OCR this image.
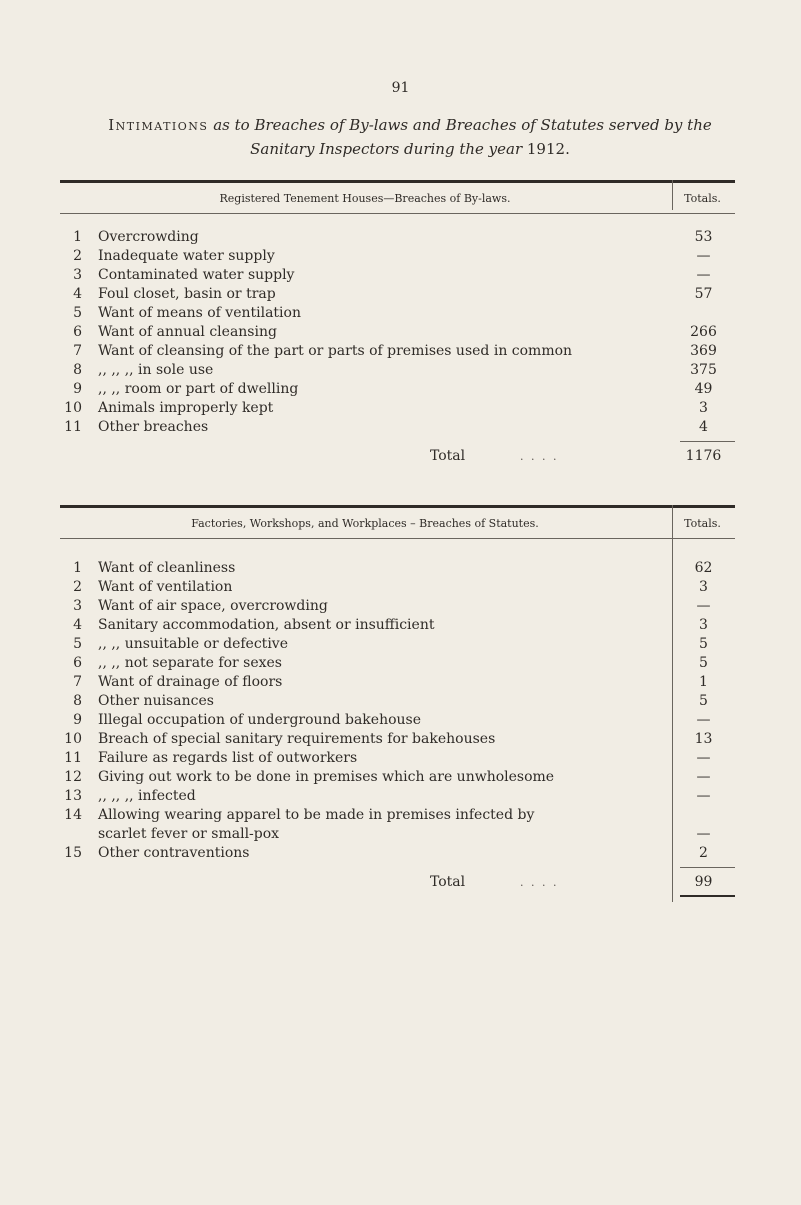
91
Intimations as to Breaches of By-laws and Breaches of Statutes served by the
Sanitary Inspectors during the year 1912.
Registered Tenement Houses—Breaches of By-laws.	Totals.
1 Overcrowding	53
2 Inadequate water supply	—
3 Contaminated water supply	—
4 Foul closet, basin or trap	57
5 Want of means of ventilation
6 Want of annual cleansing	266
7 Want of cleansing of the part or parts of premises used in common	369
8 ,, ,, ,, in sole use	375
9 ,, ,, room or part of dwelling	49
10 Animals improperly kept	3
11 Other breaches	4
Total	. . . .	1176
Factories, Workshops, and Workplaces – Breaches of Statutes.	Totals.
1 Want of cleanliness	62
2 Want of ventilation	3
3 Want of air space, overcrowding	—
4 Sanitary accommodation, absent or insufficient	3
5 ,, ,, unsuitable or defective	5
6 ,, ,, not separate for sexes	5
7 Want of drainage of floors	1
8 Other nuisances	5
9 Illegal occupation of underground bakehouse	—
10 Breach of special sanitary requirements for bakehouses	13
11 Failure as regards list of outworkers	—
12 Giving out work to be done in premises which are unwholesome	—
13 ,, ,, ,, infected	—
14 Allowing wearing apparel to be made in premises infected by
scarlet fever or small-pox	—
15 Other contraventions	2
Total	. . . .	99
